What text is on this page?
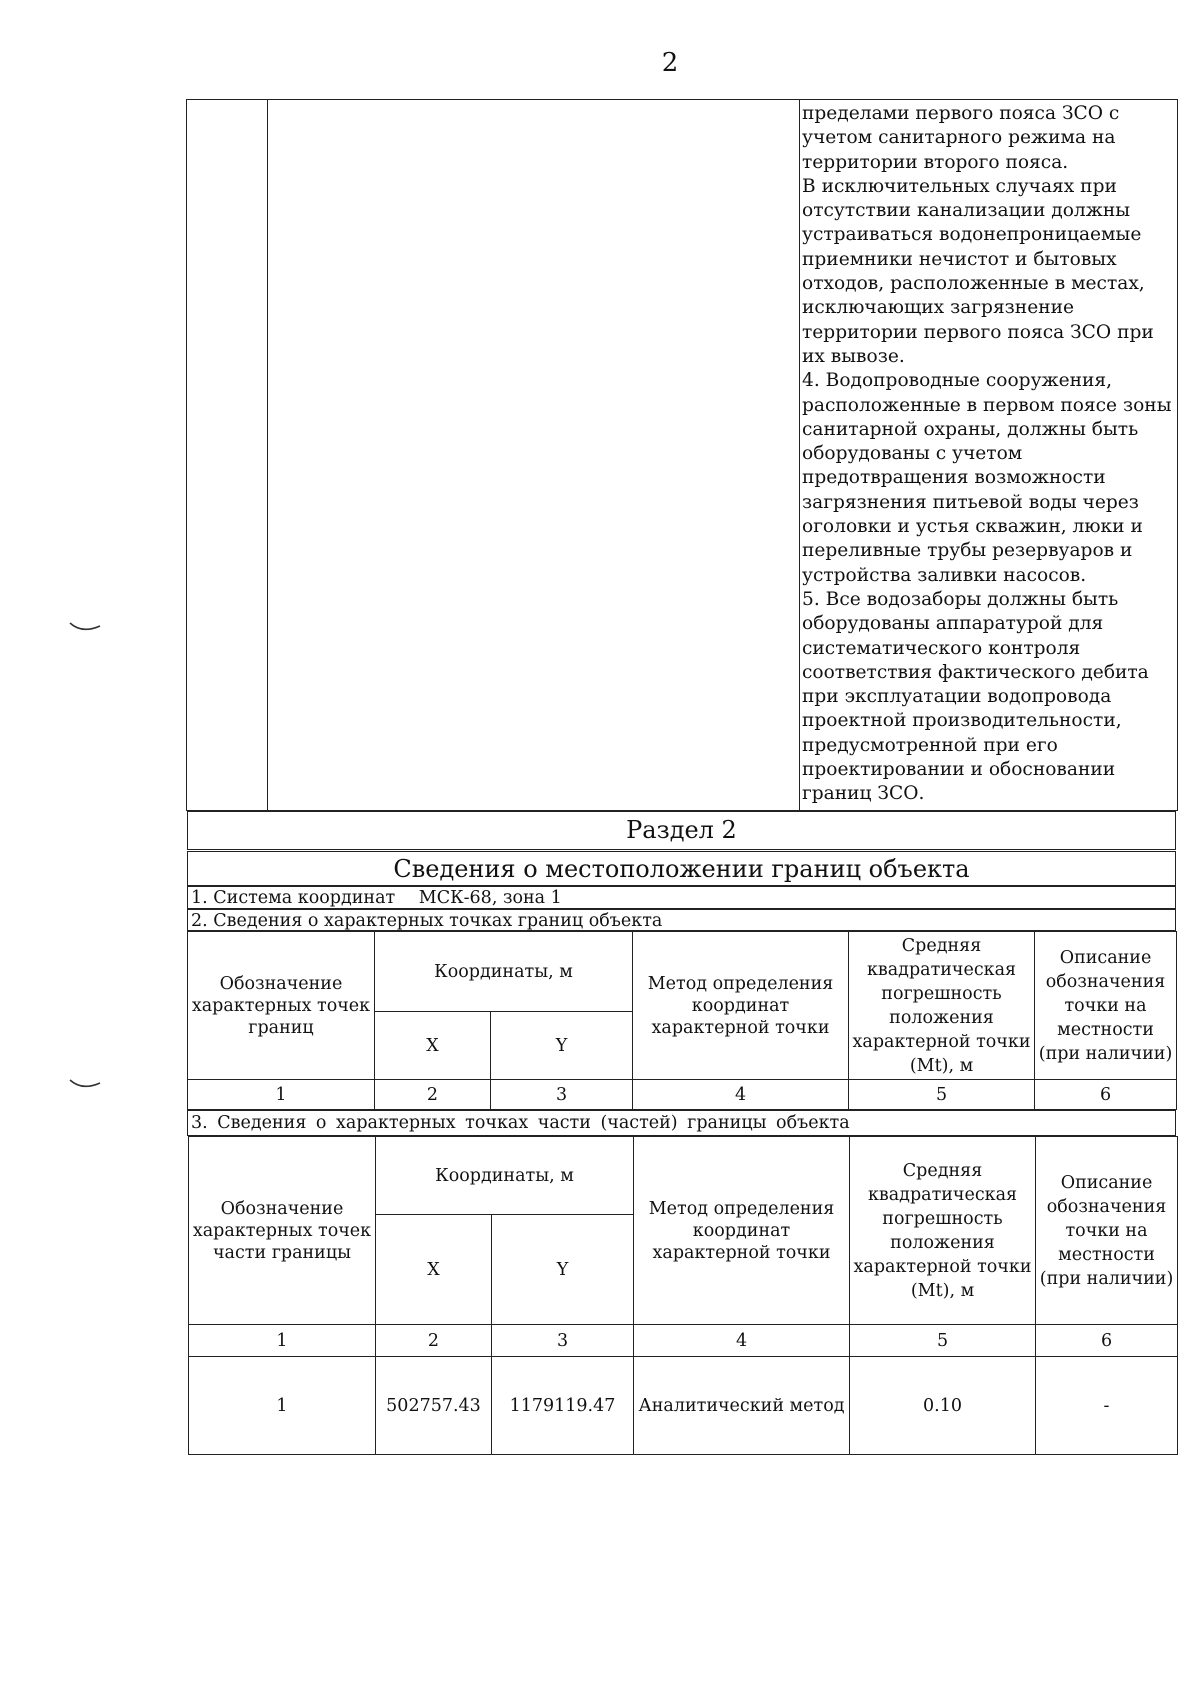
2

пределами первого пояса ЗСО с учетом санитарного режима на территории второго пояса.

В исключительных случаях при отсутствии канализации должны устраиваться водонепроницаемые приемники нечистот и бытовых отходов, расположенные в местах, исключающих загрязнение территории первого пояса ЗСО при их вывозе.

4. Водопроводные сооружения, расположенные в первом поясе зоны санитарной охраны, должны быть оборудованы с учетом предотвращения возможности загрязнения питьевой воды через оголовки и устья скважин, люки и переливные трубы резервуаров и устройства заливки насосов.

5. Все водозаборы должны быть оборудованы аппаратурой для систематического контроля соответствия фактического дебита при эксплуатации водопровода проектной производительности, предусмотренной при его проектировании и обосновании границ ЗСО.

Раздел 2
Сведения о местоположении границ объекта
1. Система координат МСК-68, зона 1
2. Сведения о характерных точках границ объекта
Обозначение характерных точек границ	Координаты, м		Метод определения координат характерной точки	Средняя квадратическая погрешность положения характерной точки (Mt), м	Описание обозначения точки на местности (при наличии)
	X	Y			
1	2	3	4	5	6
3. Сведения о характерных точках части (частей) границы объекта
Обозначение характерных точек части границы	Координаты, м		Метод определения координат характерной точки	Средняя квадратическая погрешность положения характерной точки (Mt), м	Описание обозначения точки на местности (при наличии)
	X	Y			
1	2	3	4	5	6
1	502757.43	1179119.47	Аналитический метод	0.10	-
